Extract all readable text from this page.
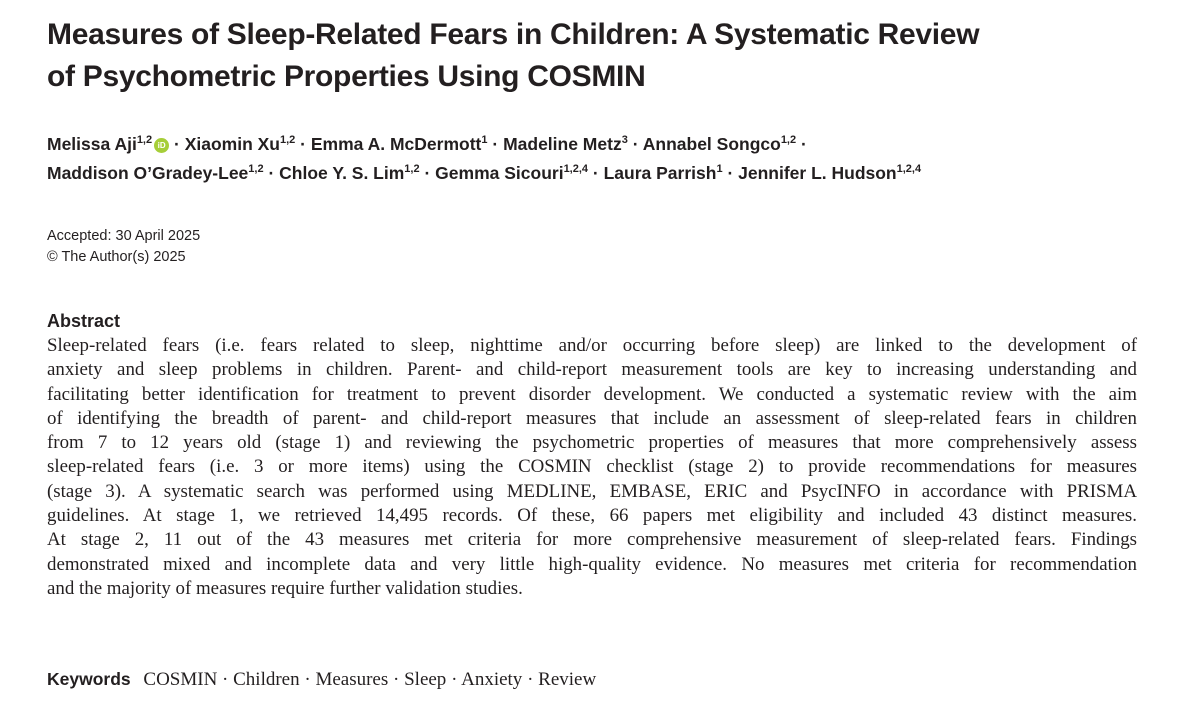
Measures of Sleep-Related Fears in Children: A Systematic Review
of Psychometric Properties Using COSMIN
Melissa Aji$^{1,2}$ iD · Xiaomin Xu$^{1,2}$ · Emma A. McDermott$^1$ · Madeline Metz$^3$ · Annabel Songco$^{1,2}$ ·
Maddison O’Gradey-Lee$^{1,2}$ · Chloe Y. S. Lim$^{1,2}$ · Gemma Sicouri$^{1,2,4}$ · Laura Parrish$^1$ · Jennifer L. Hudson$^{1,2,4}$
Accepted: 30 April 2025
© The Author(s) 2025
Abstract
Sleep-related fears (i.e. fears related to sleep, nighttime and/or occurring before sleep) are linked to the development of
anxiety and sleep problems in children. Parent- and child-report measurement tools are key to increasing understanding and
facilitating better identification for treatment to prevent disorder development. We conducted a systematic review with the aim
of identifying the breadth of parent- and child-report measures that include an assessment of sleep-related fears in children
from 7 to 12 years old (stage 1) and reviewing the psychometric properties of measures that more comprehensively assess
sleep-related fears (i.e. 3 or more items) using the COSMIN checklist (stage 2) to provide recommendations for measures
(stage 3). A systematic search was performed using MEDLINE, EMBASE, ERIC and PsycINFO in accordance with PRISMA
guidelines. At stage 1, we retrieved 14,495 records. Of these, 66 papers met eligibility and included 43 distinct measures.
At stage 2, 11 out of the 43 measures met criteria for more comprehensive measurement of sleep-related fears. Findings
demonstrated mixed and incomplete data and very little high-quality evidence. No measures met criteria for recommendation
and the majority of measures require further validation studies.
Keywords COSMIN · Children · Measures · Sleep · Anxiety · Review
